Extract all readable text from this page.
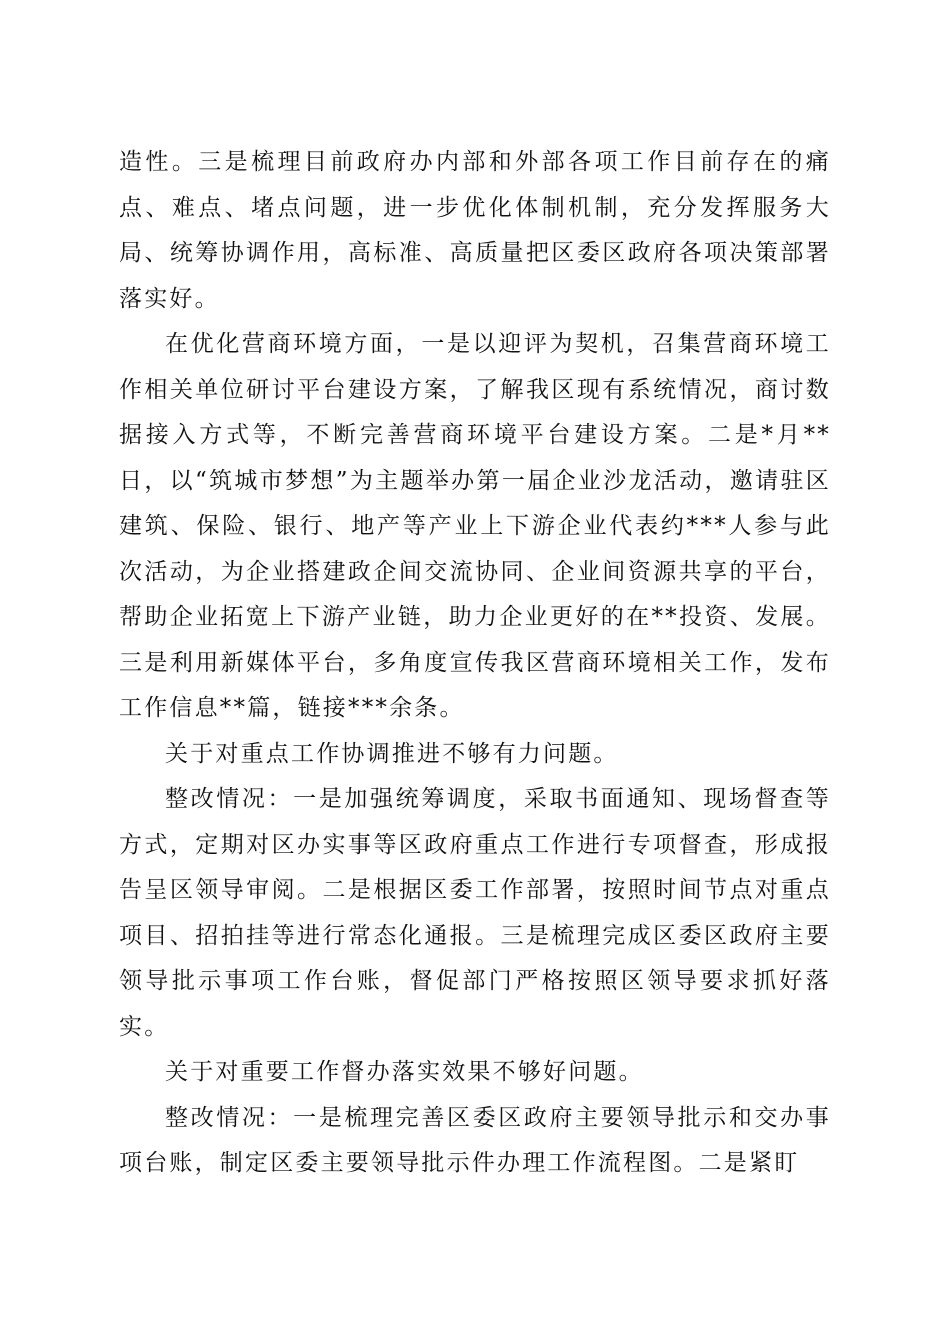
造性。三是梳理目前政府办内部和外部各项工作目前存在的痛点、难点、堵点问题，进一步优化体制机制，充分发挥服务大局、统筹协调作用，高标准、高质量把区委区政府各项决策部署落实好。

在优化营商环境方面，一是以迎评为契机，召集营商环境工作相关单位研讨平台建设方案，了解我区现有系统情况，商讨数据接入方式等，不断完善营商环境平台建设方案。二是*月**日，以“筑城市梦想”为主题举办第一届企业沙龙活动，邀请驻区建筑、保险、银行、地产等产业上下游企业代表约***人参与此次活动，为企业搭建政企间交流协同、企业间资源共享的平台，帮助企业拓宽上下游产业链，助力企业更好的在**投资、发展。三是利用新媒体平台，多角度宣传我区营商环境相关工作，发布工作信息**篇，链接***余条。

关于对重点工作协调推进不够有力问题。

整改情况：一是加强统筹调度，采取书面通知、现场督查等方式，定期对区办实事等区政府重点工作进行专项督查，形成报告呈区领导审阅。二是根据区委工作部署，按照时间节点对重点项目、招拍挂等进行常态化通报。三是梳理完成区委区政府主要领导批示事项工作台账，督促部门严格按照区领导要求抓好落实。

关于对重要工作督办落实效果不够好问题。

整改情况：一是梳理完善区委区政府主要领导批示和交办事项台账，制定区委主要领导批示件办理工作流程图。二是紧盯
